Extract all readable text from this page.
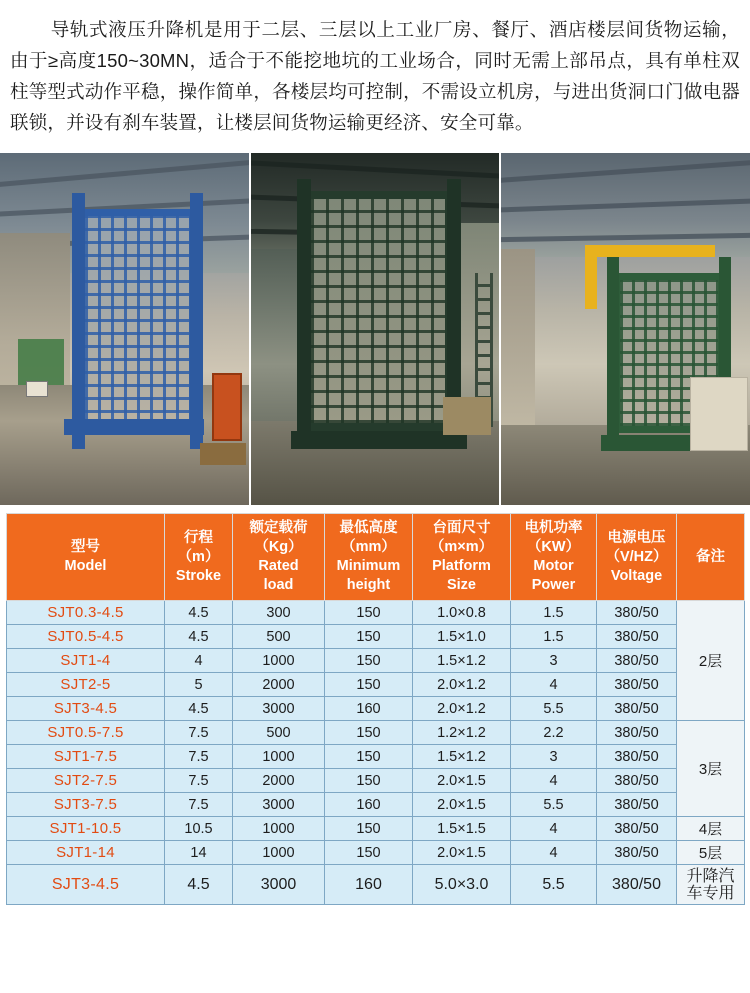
导轨式液压升降机是用于二层、三层以上工业厂房、餐厅、酒店楼层间货物运输，由于≥高度150~30MN，适合于不能挖地坑的工业场合，同时无需上部吊点，具有单柱双柱等型式动作平稳，操作简单，各楼层均可控制，不需设立机房，与进出货洞口门做电器联锁，并设有刹车装置，让楼层间货物运输更经济、安全可靠。

型号
Model

行程
（m）
Stroke

额定载荷
（Kg）
Rated
load

最低高度
（mm）
Minimum
height

台面尺寸
（m×m）
Platform
Size

电机功率
（KW）
Motor
Power

电源电压
（V/HZ）
Voltage
	备注
SJT0.3-4.5	4.5	300	150	1.0×0.8	1.5	380/50	2层
SJT0.5-4.5	4.5	500	150	1.5×1.0	1.5	380/50	
SJT1-4	4	1000	150	1.5×1.2	3	380/50	
SJT2-5	5	2000	150	2.0×1.2	4	380/50	
SJT3-4.5	4.5	3000	160	2.0×1.2	5.5	380/50	
SJT0.5-7.5	7.5	500	150	1.2×1.2	2.2	380/50	3层
SJT1-7.5	7.5	1000	150	1.5×1.2	3	380/50	
SJT2-7.5	7.5	2000	150	2.0×1.5	4	380/50	
SJT3-7.5	7.5	3000	160	2.0×1.5	5.5	380/50	
SJT1-10.5	10.5	1000	150	1.5×1.5	4	380/50	4层
SJT1-14	14	1000	150	2.0×1.5	4	380/50	5层
SJT3-4.5	4.5	3000	160	5.0×3.0	5.5	380/50	升降汽车专用
